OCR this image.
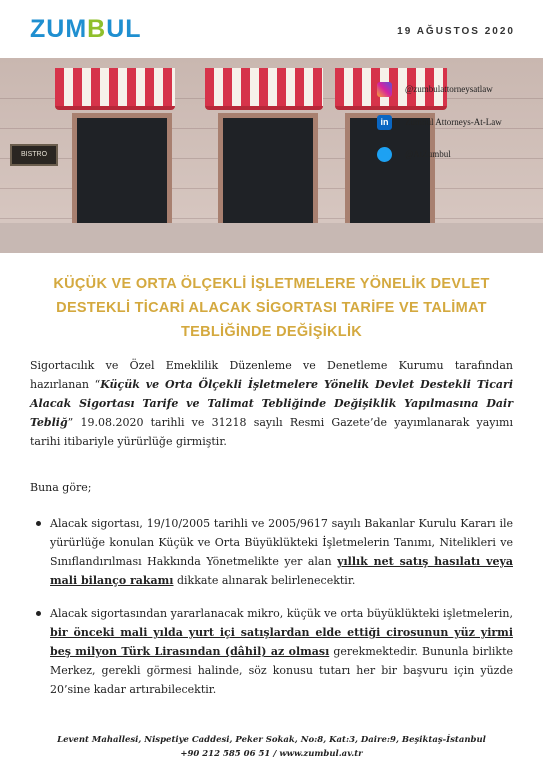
ZUMBUL	19 AĞUSTOS 2020
BISTRO
@zumbulattorneysatlaw
in	Zumbul Attorneys-At-Law
@AtZumbul
KÜÇÜK VE ORTA ÖLÇEKLİ İŞLETMELERE YÖNELİK DEVLET
DESTEKLİ TİCARİ ALACAK SİGORTASI TARİFE VE TALİMAT
TEBLİĞİNDE DEĞİŞİKLİK
Sigortacılık ve Özel Emeklilik Düzenleme ve Denetleme Kurumu tarafından hazırlanan “Küçük ve Orta Ölçekli İşletmelere Yönelik Devlet Destekli Ticari Alacak Sigortası Tarife ve Talimat Tebliğinde Değişiklik Yapılmasına Dair Tebliğ” 19.08.2020 tarihli ve 31218 sayılı Resmi Gazete’de yayımlanarak yayımı tarihi itibariyle yürürlüğe girmiştir.
Buna göre;
Alacak sigortası, 19/10/2005 tarihli ve 2005/9617 sayılı Bakanlar Kurulu Kararı ile yürürlüğe konulan Küçük ve Orta Büyüklükteki İşletmelerin Tanımı, Nitelikleri ve Sınıflandırılması Hakkında Yönetmelikte yer alan yıllık net satış hasılatı veya mali bilanço rakamı dikkate alınarak belirlenecektir.
Alacak sigortasından yararlanacak mikro, küçük ve orta büyüklükteki işletmelerin, bir önceki mali yılda yurt içi satışlardan elde ettiği cirosunun yüz yirmi beş milyon Türk Lirasından (dâhil) az olması gerekmektedir. Bununla birlikte Merkez, gerekli görmesi halinde, söz konusu tutarı her bir başvuru için yüzde 20’sine kadar artırabilecektir.
Levent Mahallesi, Nispetiye Caddesi, Peker Sokak, No:8, Kat:3, Daire:9, Beşiktaş-İstanbul
+90 212 585 06 51 / www.zumbul.av.tr
